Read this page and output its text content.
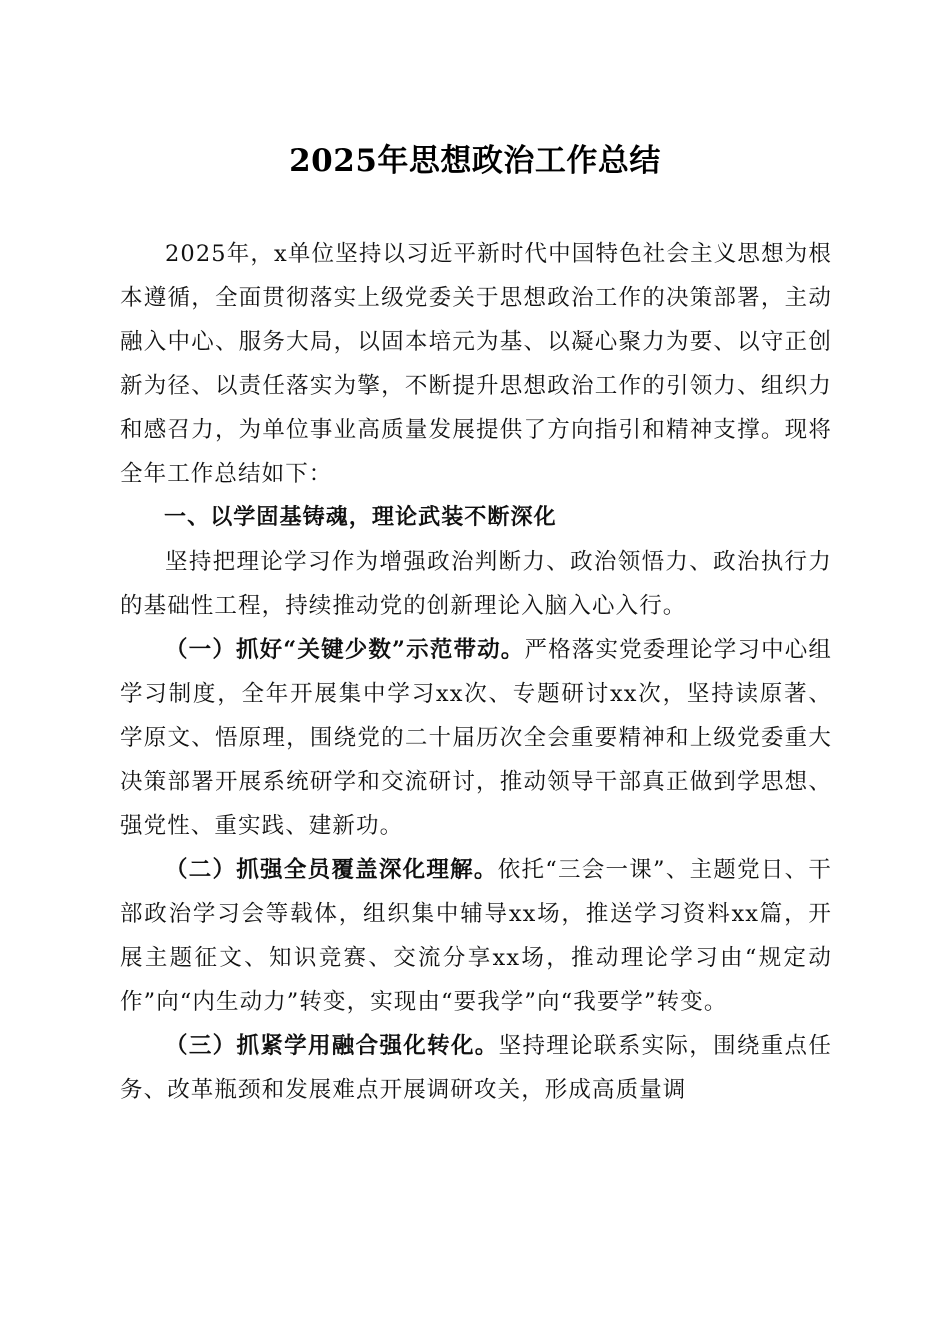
2025年思想政治工作总结

2025年，x单位坚持以习近平新时代中国特色社会主义思想为根本遵循，全面贯彻落实上级党委关于思想政治工作的决策部署，主动融入中心、服务大局，以固本培元为基、以凝心聚力为要、以守正创新为径、以责任落实为擎，不断提升思想政治工作的引领力、组织力和感召力，为单位事业高质量发展提供了方向指引和精神支撑。现将全年工作总结如下：

一、以学固基铸魂，理论武装不断深化

坚持把理论学习作为增强政治判断力、政治领悟力、政治执行力的基础性工程，持续推动党的创新理论入脑入心入行。

（一）抓好“关键少数”示范带动。严格落实党委理论学习中心组学习制度，全年开展集中学习xx次、专题研讨xx次，坚持读原著、学原文、悟原理，围绕党的二十届历次全会重要精神和上级党委重大决策部署开展系统研学和交流研讨，推动领导干部真正做到学思想、强党性、重实践、建新功。

（二）抓强全员覆盖深化理解。依托“三会一课”、主题党日、干部政治学习会等载体，组织集中辅导xx场，推送学习资料xx篇，开展主题征文、知识竞赛、交流分享xx场，推动理论学习由“规定动作”向“内生动力”转变，实现由“要我学”向“我要学”转变。

（三）抓紧学用融合强化转化。坚持理论联系实际，围绕重点任务、改革瓶颈和发展难点开展调研攻关，形成高质量调
